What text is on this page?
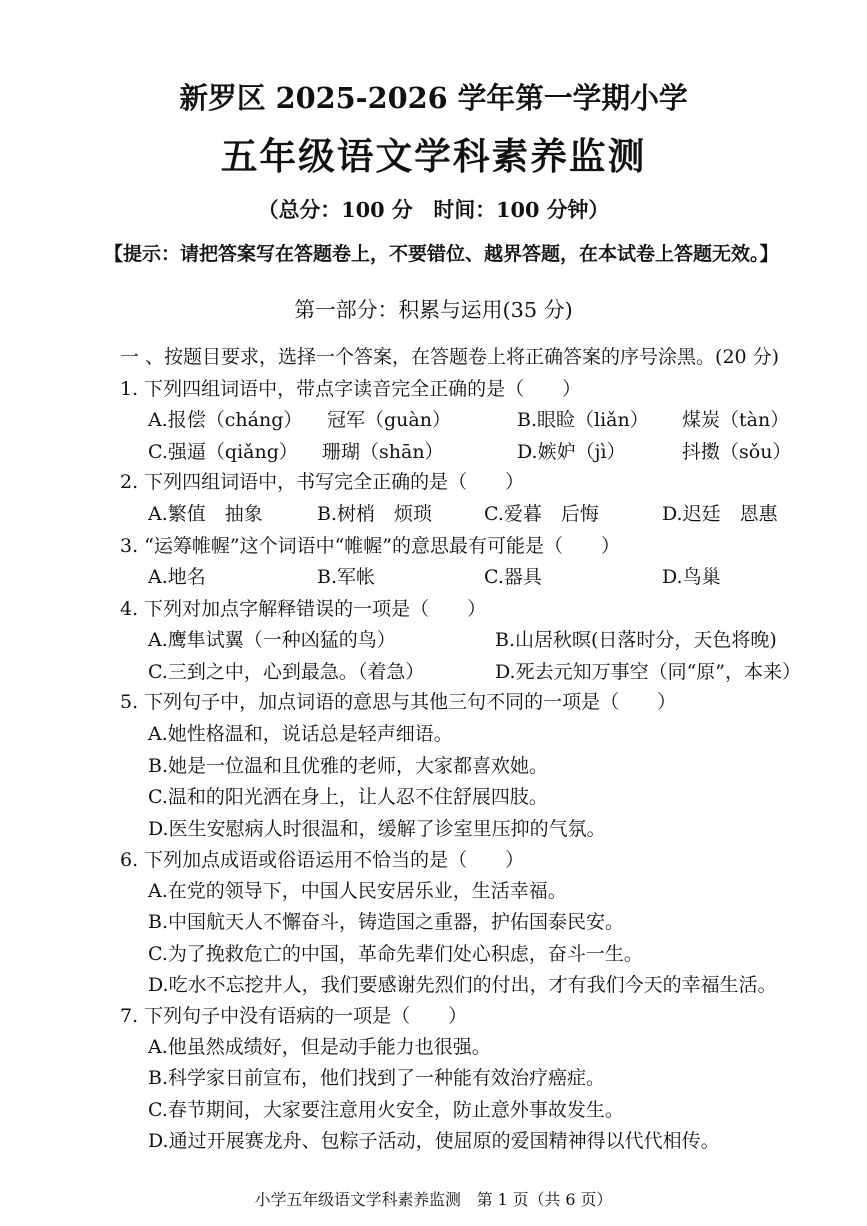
新罗区 2025-2026 学年第一学期小学
五年级语文学科素养监测
（总分：100 分　时间：100 分钟）
【提示：请把答案写在答题卷上，不要错位、越界答题，在本试卷上答题无效。】
第一部分：积累与运用(35 分)
一 、按题目要求，选择一个答案，在答题卷上将正确答案的序号涂黑。(20 分)
1. 下列四组词语中，带点字读音完全正确的是（　　）
A.报偿（cháng） 冠军（guàn）	B.眼睑（liǎn） 煤炭（tàn）
C.强逼（qiǎng） 珊瑚（shān）	D.嫉妒（jì）	抖擞（sǒu）
2. 下列四组词语中，书写完全正确的是（　　）
A.繁值　抽象	B.树梢　烦琐	C.爱暮　后悔	D.迟廷　恩惠
3. “运筹帷幄”这个词语中“帷幄”的意思最有可能是（　　）
A.地名	B.军帐	C.器具	D.鸟巢
4. 下列对加点字解释错误的一项是（　　）
A.鹰隼试翼（一种凶猛的鸟）	B.山居秋暝(日落时分，天色将晚)
C.三到之中，心到最急。（着急）	D.死去元知万事空（同“原”，本来）
5. 下列句子中，加点词语的意思与其他三句不同的一项是（　　）
A.她性格温和，说话总是轻声细语。
B.她是一位温和且优雅的老师，大家都喜欢她。
C.温和的阳光洒在身上，让人忍不住舒展四肢。
D.医生安慰病人时很温和，缓解了诊室里压抑的气氛。
6. 下列加点成语或俗语运用不恰当的是（　　）
A.在党的领导下，中国人民安居乐业，生活幸福。
B.中国航天人不懈奋斗，铸造国之重器，护佑国泰民安。
C.为了挽救危亡的中国，革命先辈们处心积虑，奋斗一生。
D.吃水不忘挖井人，我们要感谢先烈们的付出，才有我们今天的幸福生活。
7. 下列句子中没有语病的一项是（　　）
A.他虽然成绩好，但是动手能力也很强。
B.科学家日前宣布，他们找到了一种能有效治疗癌症。
C.春节期间，大家要注意用火安全，防止意外事故发生。
D.通过开展赛龙舟、包粽子活动，使屈原的爱国精神得以代代相传。
小学五年级语文学科素养监测　第 1 页（共 6 页）
